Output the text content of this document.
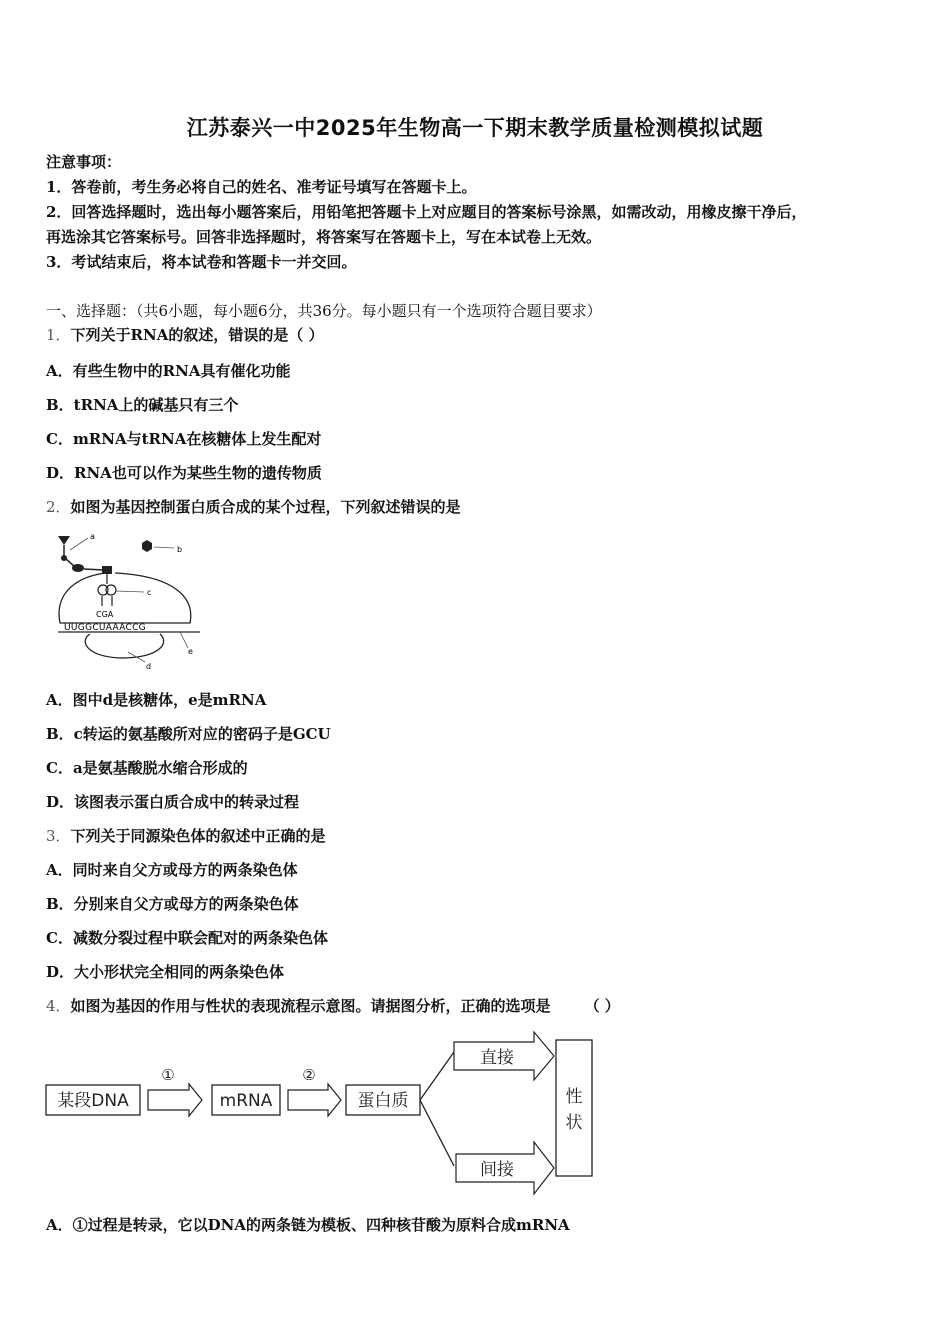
江苏泰兴一中2025年生物高一下期末教学质量检测模拟试题
注意事项：
1．答卷前，考生务必将自己的姓名、准考证号填写在答题卡上。
2．回答选择题时，选出每小题答案后，用铅笔把答题卡上对应题目的答案标号涂黑，如需改动，用橡皮擦干净后，
再选涂其它答案标号。回答非选择题时，将答案写在答题卡上，写在本试卷上无效。
3．考试结束后，将本试卷和答题卡一并交回。
一、选择题：（共6小题，每小题6分，共36分。每小题只有一个选项符合题目要求）
1．下列关于RNA的叙述，错误的是（ ）
A．有些生物中的RNA具有催化功能
B．tRNA上的碱基只有三个
C．mRNA与tRNA在核糖体上发生配对
D．RNA也可以作为某些生物的遗传物质
2．如图为基因控制蛋白质合成的某个过程，下列叙述错误的是
a
b
c
CGA
UUGGCUAAACCG
e
d
A．图中d是核糖体，e是mRNA
B．c转运的氨基酸所对应的密码子是GCU
C．a是氨基酸脱水缩合形成的
D．该图表示蛋白质合成中的转录过程
3．下列关于同源染色体的叙述中正确的是
A．同时来自父方或母方的两条染色体
B．分别来自父方或母方的两条染色体
C．减数分裂过程中联会配对的两条染色体
D．大小形状完全相同的两条染色体
4．如图为基因的作用与性状的表现流程示意图。请据图分析，正确的选项是 （ ）
某段DNA
①
mRNA
②
蛋白质
直接
间接
性
状
A．①过程是转录，它以DNA的两条链为模板、四种核苷酸为原料合成mRNA
